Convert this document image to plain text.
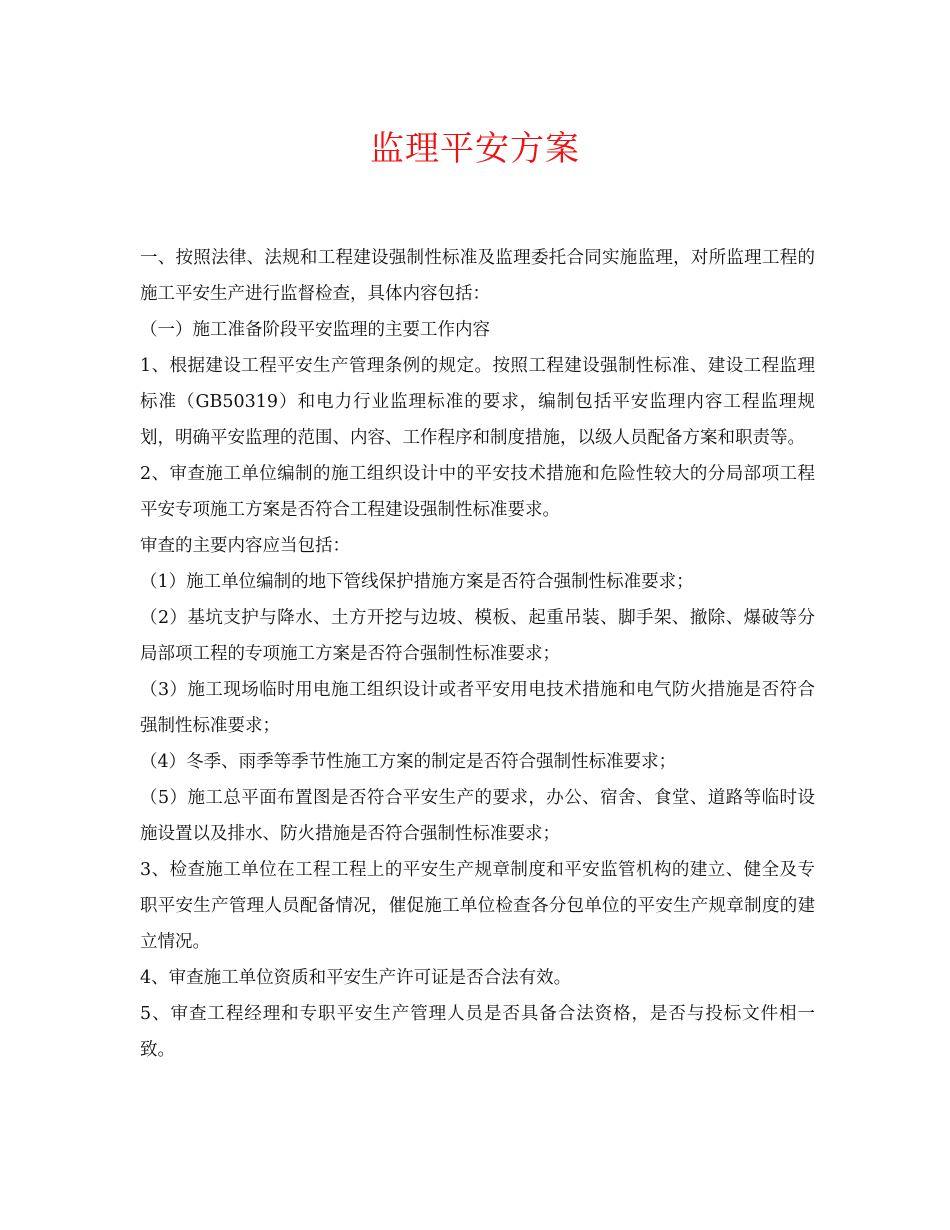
监理平安方案

一、按照法律、法规和工程建设强制性标准及监理委托合同实施监理，对所监理工程的施工平安生产进行监督检查，具体内容包括：

（一）施工准备阶段平安监理的主要工作内容

1、根据建设工程平安生产管理条例的规定。按照工程建设强制性标准、建设工程监理标准（GB50319）和电力行业监理标准的要求，编制包括平安监理内容工程监理规划，明确平安监理的范围、内容、工作程序和制度措施，以级人员配备方案和职责等。

2、审查施工单位编制的施工组织设计中的平安技术措施和危险性较大的分局部项工程平安专项施工方案是否符合工程建设强制性标准要求。

审查的主要内容应当包括：

（1）施工单位编制的地下管线保护措施方案是否符合强制性标准要求；

（2）基坑支护与降水、土方开挖与边坡、模板、起重吊装、脚手架、撤除、爆破等分局部项工程的专项施工方案是否符合强制性标准要求；

（3）施工现场临时用电施工组织设计或者平安用电技术措施和电气防火措施是否符合强制性标准要求；

（4）冬季、雨季等季节性施工方案的制定是否符合强制性标准要求；

（5）施工总平面布置图是否符合平安生产的要求，办公、宿舍、食堂、道路等临时设施设置以及排水、防火措施是否符合强制性标准要求；

3、检查施工单位在工程工程上的平安生产规章制度和平安监管机构的建立、健全及专职平安生产管理人员配备情况，催促施工单位检查各分包单位的平安生产规章制度的建立情况。

4、审查施工单位资质和平安生产许可证是否合法有效。

5、审查工程经理和专职平安生产管理人员是否具备合法资格，是否与投标文件相一致。
